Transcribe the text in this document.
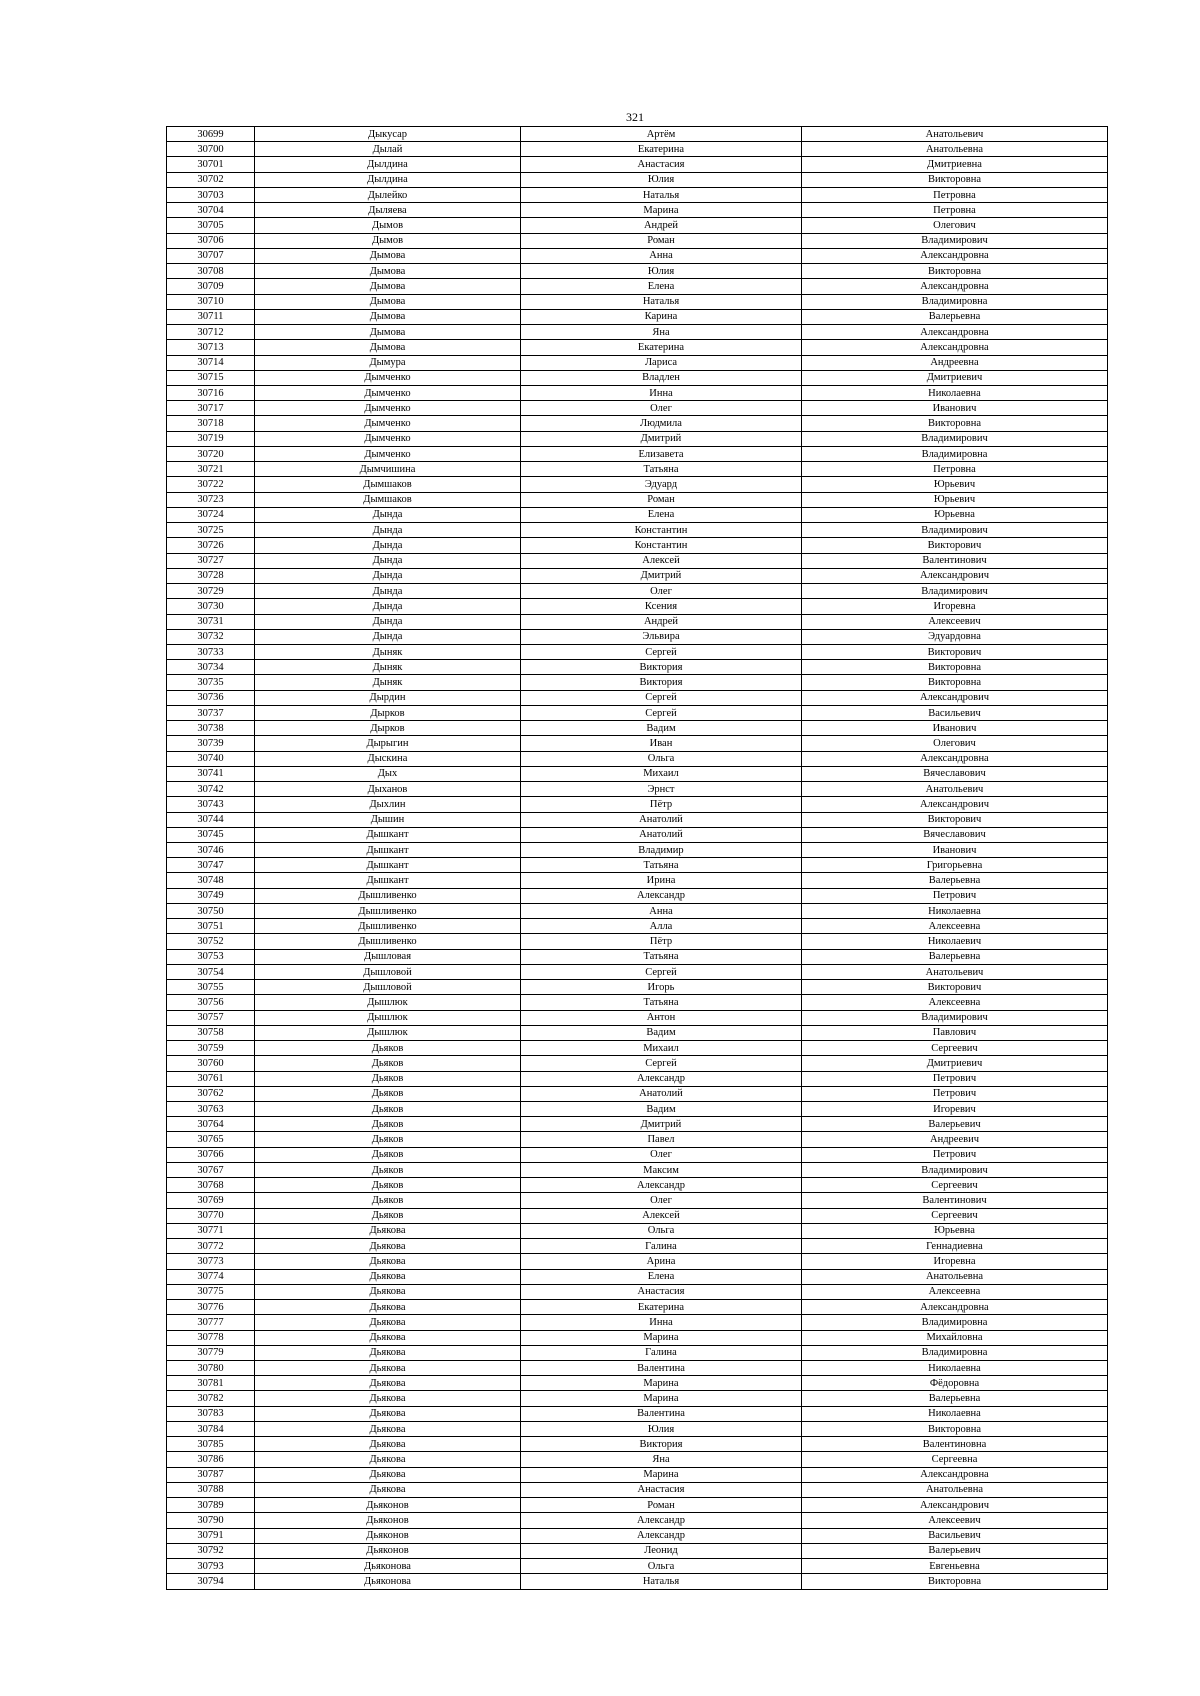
321
30699	Дыкусар	Артём	Анатольевич
30700	Дылай	Екатерина	Анатольевна
30701	Дылдина	Анастасия	Дмитриевна
30702	Дылдина	Юлия	Викторовна
30703	Дылейко	Наталья	Петровна
30704	Дыляева	Марина	Петровна
30705	Дымов	Андрей	Олегович
30706	Дымов	Роман	Владимирович
30707	Дымова	Анна	Александровна
30708	Дымова	Юлия	Викторовна
30709	Дымова	Елена	Александровна
30710	Дымова	Наталья	Владимировна
30711	Дымова	Карина	Валерьевна
30712	Дымова	Яна	Александровна
30713	Дымова	Екатерина	Александровна
30714	Дымура	Лариса	Андреевна
30715	Дымченко	Владлен	Дмитриевич
30716	Дымченко	Инна	Николаевна
30717	Дымченко	Олег	Иванович
30718	Дымченко	Людмила	Викторовна
30719	Дымченко	Дмитрий	Владимирович
30720	Дымченко	Елизавета	Владимировна
30721	Дымчишина	Татьяна	Петровна
30722	Дымшаков	Эдуард	Юрьевич
30723	Дымшаков	Роман	Юрьевич
30724	Дында	Елена	Юрьевна
30725	Дында	Константин	Владимирович
30726	Дында	Константин	Викторович
30727	Дында	Алексей	Валентинович
30728	Дында	Дмитрий	Александрович
30729	Дында	Олег	Владимирович
30730	Дында	Ксения	Игоревна
30731	Дында	Андрей	Алексеевич
30732	Дында	Эльвира	Эдуардовна
30733	Дыняк	Сергей	Викторович
30734	Дыняк	Виктория	Викторовна
30735	Дыняк	Виктория	Викторовна
30736	Дырдин	Сергей	Александрович
30737	Дырков	Сергей	Васильевич
30738	Дырков	Вадим	Иванович
30739	Дырыгин	Иван	Олегович
30740	Дыскина	Ольга	Александровна
30741	Дых	Михаил	Вячеславович
30742	Дыханов	Эрнст	Анатольевич
30743	Дыхлин	Пётр	Александрович
30744	Дышин	Анатолий	Викторович
30745	Дышкант	Анатолий	Вячеславович
30746	Дышкант	Владимир	Иванович
30747	Дышкант	Татьяна	Григорьевна
30748	Дышкант	Ирина	Валерьевна
30749	Дышливенко	Александр	Петрович
30750	Дышливенко	Анна	Николаевна
30751	Дышливенко	Алла	Алексеевна
30752	Дышливенко	Пётр	Николаевич
30753	Дышловая	Татьяна	Валерьевна
30754	Дышловой	Сергей	Анатольевич
30755	Дышловой	Игорь	Викторович
30756	Дышлюк	Татьяна	Алексеевна
30757	Дышлюк	Антон	Владимирович
30758	Дышлюк	Вадим	Павлович
30759	Дьяков	Михаил	Сергеевич
30760	Дьяков	Сергей	Дмитриевич
30761	Дьяков	Александр	Петрович
30762	Дьяков	Анатолий	Петрович
30763	Дьяков	Вадим	Игоревич
30764	Дьяков	Дмитрий	Валерьевич
30765	Дьяков	Павел	Андреевич
30766	Дьяков	Олег	Петрович
30767	Дьяков	Максим	Владимирович
30768	Дьяков	Александр	Сергеевич
30769	Дьяков	Олег	Валентинович
30770	Дьяков	Алексей	Сергеевич
30771	Дьякова	Ольга	Юрьевна
30772	Дьякова	Галина	Геннадиевна
30773	Дьякова	Арина	Игоревна
30774	Дьякова	Елена	Анатольевна
30775	Дьякова	Анастасия	Алексеевна
30776	Дьякова	Екатерина	Александровна
30777	Дьякова	Инна	Владимировна
30778	Дьякова	Марина	Михайловна
30779	Дьякова	Галина	Владимировна
30780	Дьякова	Валентина	Николаевна
30781	Дьякова	Марина	Фёдоровна
30782	Дьякова	Марина	Валерьевна
30783	Дьякова	Валентина	Николаевна
30784	Дьякова	Юлия	Викторовна
30785	Дьякова	Виктория	Валентиновна
30786	Дьякова	Яна	Сергеевна
30787	Дьякова	Марина	Александровна
30788	Дьякова	Анастасия	Анатольевна
30789	Дьяконов	Роман	Александрович
30790	Дьяконов	Александр	Алексеевич
30791	Дьяконов	Александр	Васильевич
30792	Дьяконов	Леонид	Валерьевич
30793	Дьяконова	Ольга	Евгеньевна
30794	Дьяконова	Наталья	Викторовна
